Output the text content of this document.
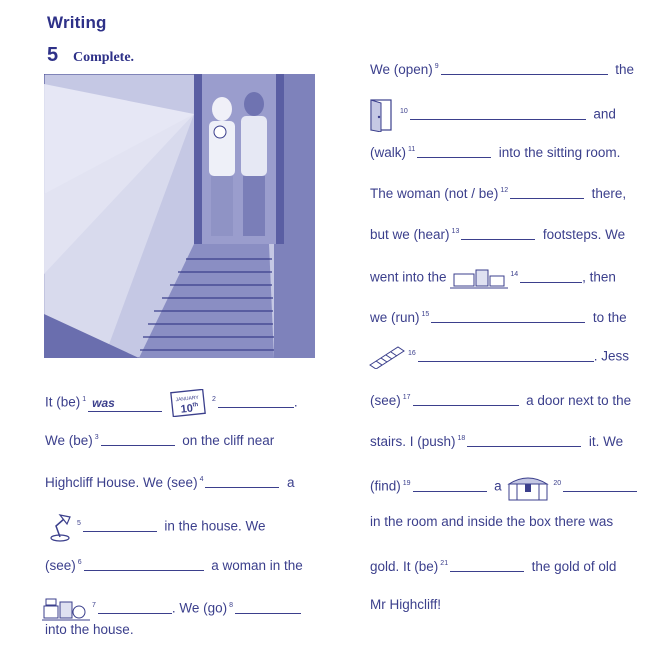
Writing
5 Complete.
It (be) $^1$ was	JANUARY
10th
$^2$	.
We (be) $^3$	on the cliff near
Highcliff House. We (see) $^4$	a
$^5$	in the house. We
(see) $^6$	a woman in the
$^7$	. We (go) $^8$
into the house.
We (open) $^9$	the
$^{10}$	and
(walk) $^{11}$	into the sitting room.
The woman (not / be) $^{12}$	there,
but we (hear) $^{13}$	footsteps. We
went into the	$^{14}$	, then
we (run) $^{15}$	to the
$^{16}$	. Jess
(see) $^{17}$	a door next to the
stairs. I (push) $^{18}$	it. We
(find) $^{19}$	a	$^{20}$
in the room and inside the box there was
gold. It (be) $^{21}$	the gold of old
Mr Highcliff!
